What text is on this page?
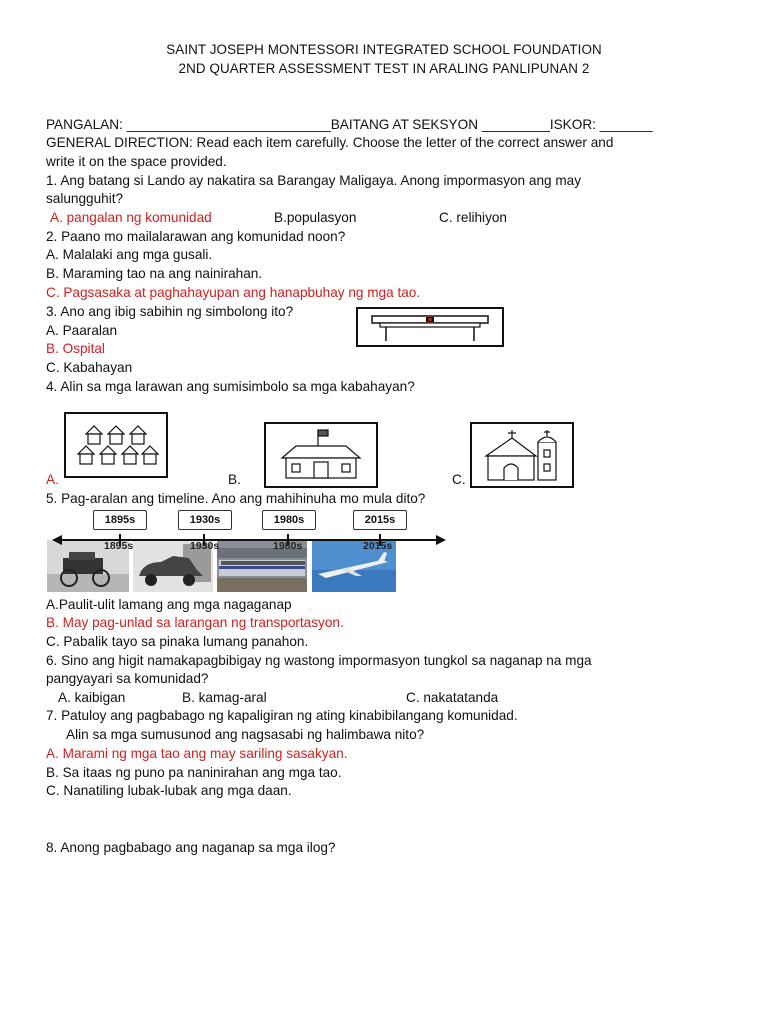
SAINT JOSEPH MONTESSORI INTEGRATED SCHOOL FOUNDATION
2ND QUARTER ASSESSMENT TEST IN ARALING PANLIPUNAN 2
PANGALAN: ___________________________BAITANG AT SEKSYON _________ISKOR: _______
GENERAL DIRECTION: Read each item carefully. Choose the letter of the correct answer and
write it on the space provided.
1. Ang batang si Lando ay nakatira sa Barangay Maligaya. Anong impormasyon ang may
salungguhit?
A. pangalan ng komunidad	B.populasyon	C. relihiyon
2. Paano mo mailalarawan ang komunidad noon?
A. Malalaki ang mga gusali.
B. Maraming tao na ang nainirahan.
C. Pagsasaka at paghahayupan ang hanapbuhay ng mga tao.
3. Ano ang ibig sabihin ng simbolong ito?
A. Paaralan
B. Ospital
C. Kabahayan
4. Alin sa mga larawan ang sumisimbolo sa mga kabahayan?
A.	B.	C.
5. Pag-aralan ang timeline. Ano ang mahihinuha mo mula dito?
1895s	1930s	1980s	2015s
1895s	1930s	1980s	2015s
A.Paulit-ulit lamang ang mga nagaganap
B. May pag-unlad sa larangan ng transportasyon.
C. Pabalik tayo sa pinaka lumang panahon.
6. Sino ang higit namakapagbibigay ng wastong impormasyon tungkol sa naganap na mga
pangyayari sa komunidad?
A. kaibigan	B. kamag-aral	C. nakatatanda
7. Patuloy ang pagbabago ng kapaligiran ng ating kinabibilangang komunidad.
Alin sa mga sumusunod ang nagsasabi ng halimbawa nito?
A. Marami ng mga tao ang may sariling sasakyan.
B. Sa itaas ng puno pa naninirahan ang mga tao.
C. Nanatiling lubak-lubak ang mga daan.
8. Anong pagbabago ang naganap sa mga ilog?
